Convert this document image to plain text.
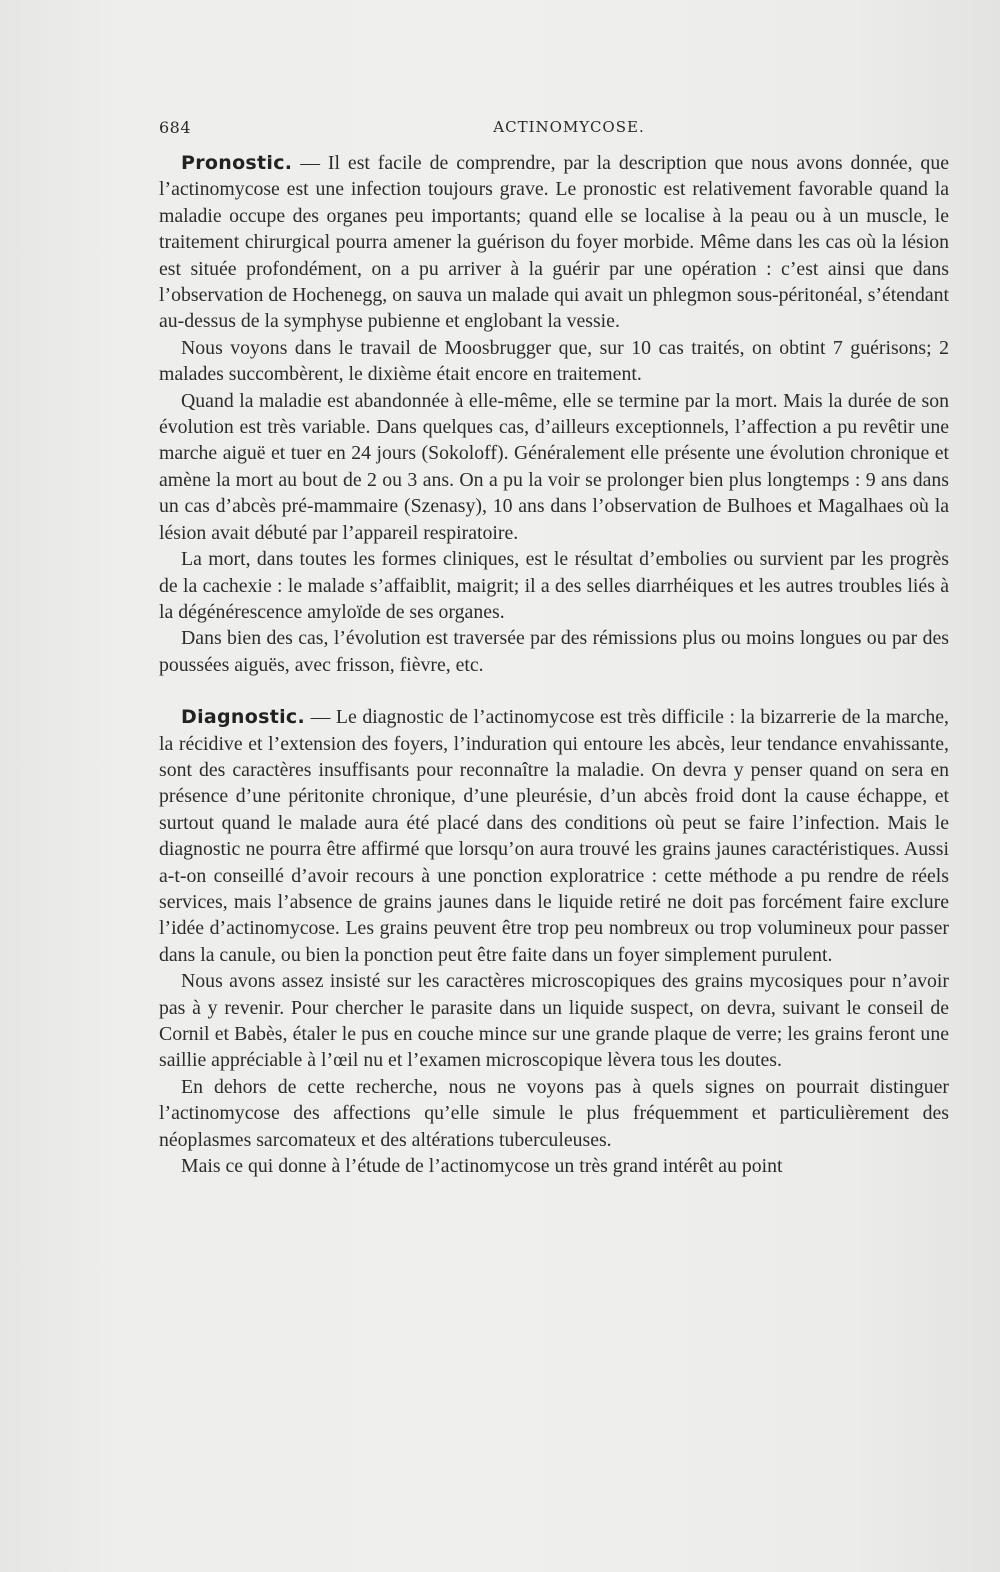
684	ACTINOMYCOSE.

Pronostic. — Il est facile de comprendre, par la description que nous avons donnée, que l’actinomycose est une infection toujours grave. Le pronostic est relativement favorable quand la maladie occupe des organes peu importants; quand elle se localise à la peau ou à un muscle, le traitement chirurgical pourra amener la guérison du foyer morbide. Même dans les cas où la lésion est située profondément, on a pu arriver à la guérir par une opération : c’est ainsi que dans l’observation de Hochenegg, on sauva un malade qui avait un phlegmon sous-péritonéal, s’étendant au-dessus de la symphyse pubienne et englobant la vessie.

Nous voyons dans le travail de Moosbrugger que, sur 10 cas traités, on obtint 7 guérisons; 2 malades succombèrent, le dixième était encore en traitement.

Quand la maladie est abandonnée à elle-même, elle se termine par la mort. Mais la durée de son évolution est très variable. Dans quelques cas, d’ailleurs exceptionnels, l’affection a pu revêtir une marche aiguë et tuer en 24 jours (Sokoloff). Généralement elle présente une évolution chronique et amène la mort au bout de 2 ou 3 ans. On a pu la voir se prolonger bien plus longtemps : 9 ans dans un cas d’abcès pré-mammaire (Szenasy), 10 ans dans l’observation de Bulhoes et Magalhaes où la lésion avait débuté par l’appareil respiratoire.

La mort, dans toutes les formes cliniques, est le résultat d’embolies ou survient par les progrès de la cachexie : le malade s’affaiblit, maigrit; il a des selles diarrhéiques et les autres troubles liés à la dégénérescence amyloïde de ses organes.

Dans bien des cas, l’évolution est traversée par des rémissions plus ou moins longues ou par des poussées aiguës, avec frisson, fièvre, etc.

Diagnostic. — Le diagnostic de l’actinomycose est très difficile : la bizarrerie de la marche, la récidive et l’extension des foyers, l’induration qui entoure les abcès, leur tendance envahissante, sont des caractères insuffisants pour reconnaître la maladie. On devra y penser quand on sera en présence d’une péritonite chronique, d’une pleurésie, d’un abcès froid dont la cause échappe, et surtout quand le malade aura été placé dans des conditions où peut se faire l’infection. Mais le diagnostic ne pourra être affirmé que lorsqu’on aura trouvé les grains jaunes caractéristiques. Aussi a-t-on conseillé d’avoir recours à une ponction exploratrice : cette méthode a pu rendre de réels services, mais l’absence de grains jaunes dans le liquide retiré ne doit pas forcément faire exclure l’idée d’actinomycose. Les grains peuvent être trop peu nombreux ou trop volumineux pour passer dans la canule, ou bien la ponction peut être faite dans un foyer simplement purulent.

Nous avons assez insisté sur les caractères microscopiques des grains mycosiques pour n’avoir pas à y revenir. Pour chercher le parasite dans un liquide suspect, on devra, suivant le conseil de Cornil et Babès, étaler le pus en couche mince sur une grande plaque de verre; les grains feront une saillie appréciable à l’œil nu et l’examen microscopique lèvera tous les doutes.

En dehors de cette recherche, nous ne voyons pas à quels signes on pourrait distinguer l’actinomycose des affections qu’elle simule le plus fréquemment et particulièrement des néoplasmes sarcomateux et des altérations tuberculeuses.

Mais ce qui donne à l’étude de l’actinomycose un très grand intérêt au point
